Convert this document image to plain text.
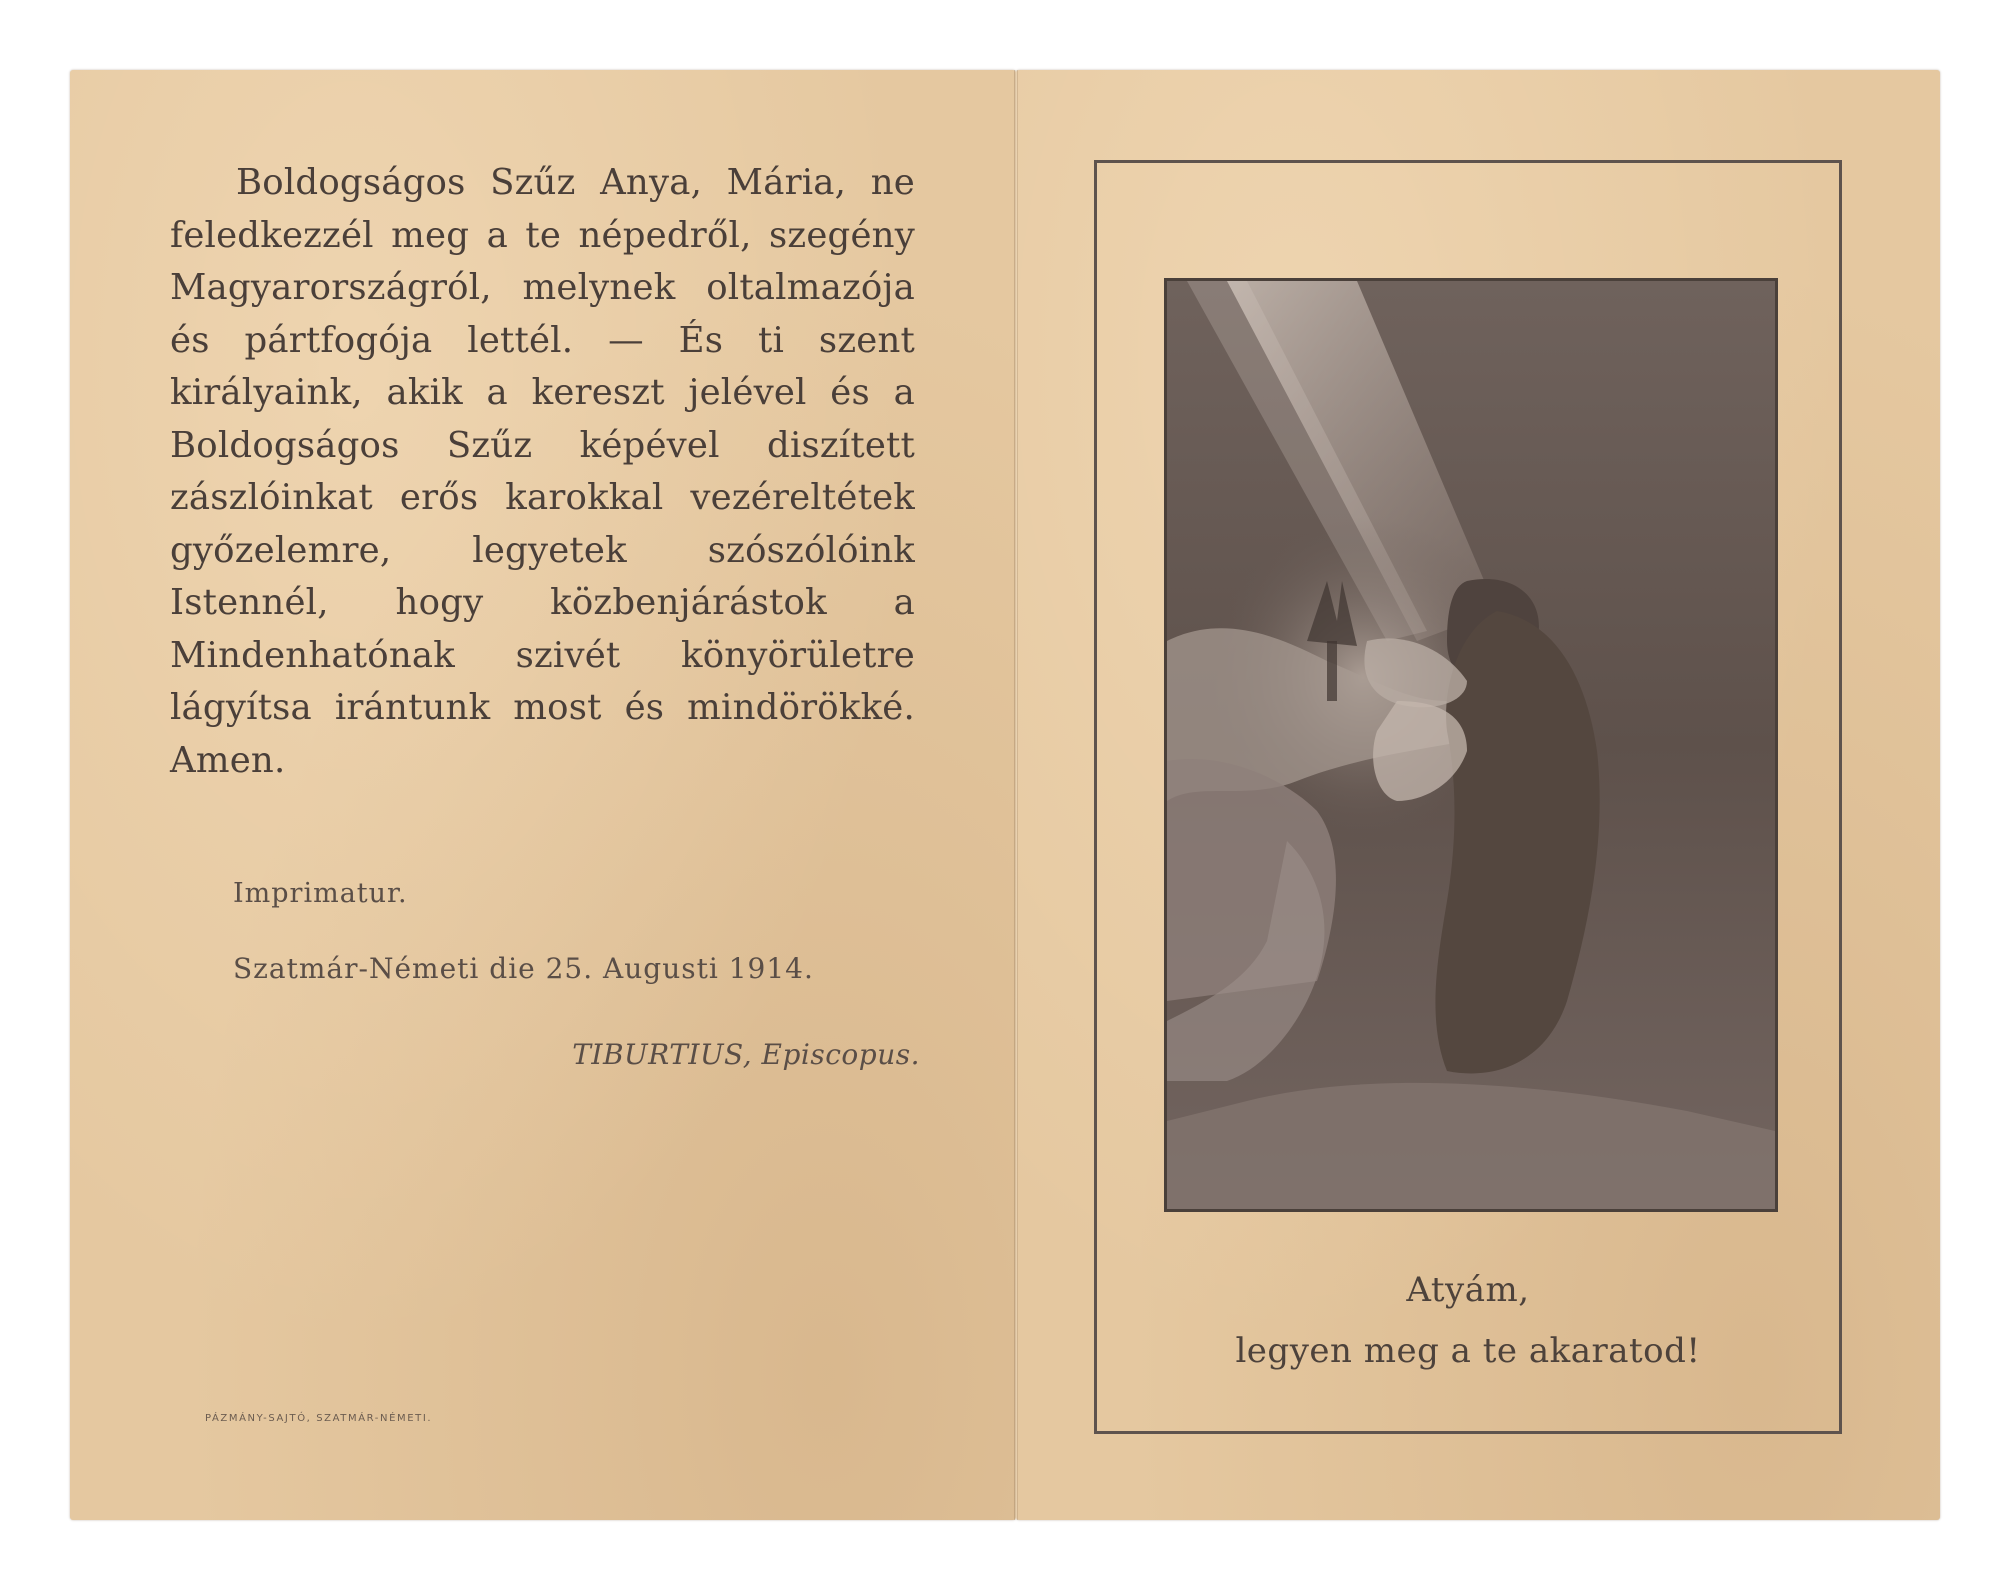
Boldogságos Szűz Anya, Mária, ne feledkezzél meg a te népedről, szegény Magyarországról, melynek oltalmazója és pártfogója lettél. — És ti szent királyaink, akik a kereszt jelével és a Boldogságos Szűz képével diszített zászlóinkat erős karokkal vezéreltétek győzelemre, legyetek szószólóink Istennél, hogy közbenjárástok a Mindenhatónak szivét könyörületre lágyítsa irántunk most és mindörökké. Amen.

Imprimatur.
Szatmár-Németi die 25. Augusti 1914.
TIBURTIUS, Episcopus.
PÁZMÁNY-SAJTÓ, SZATMÁR-NÉMETI.
Atyám,
legyen meg a te akaratod!
